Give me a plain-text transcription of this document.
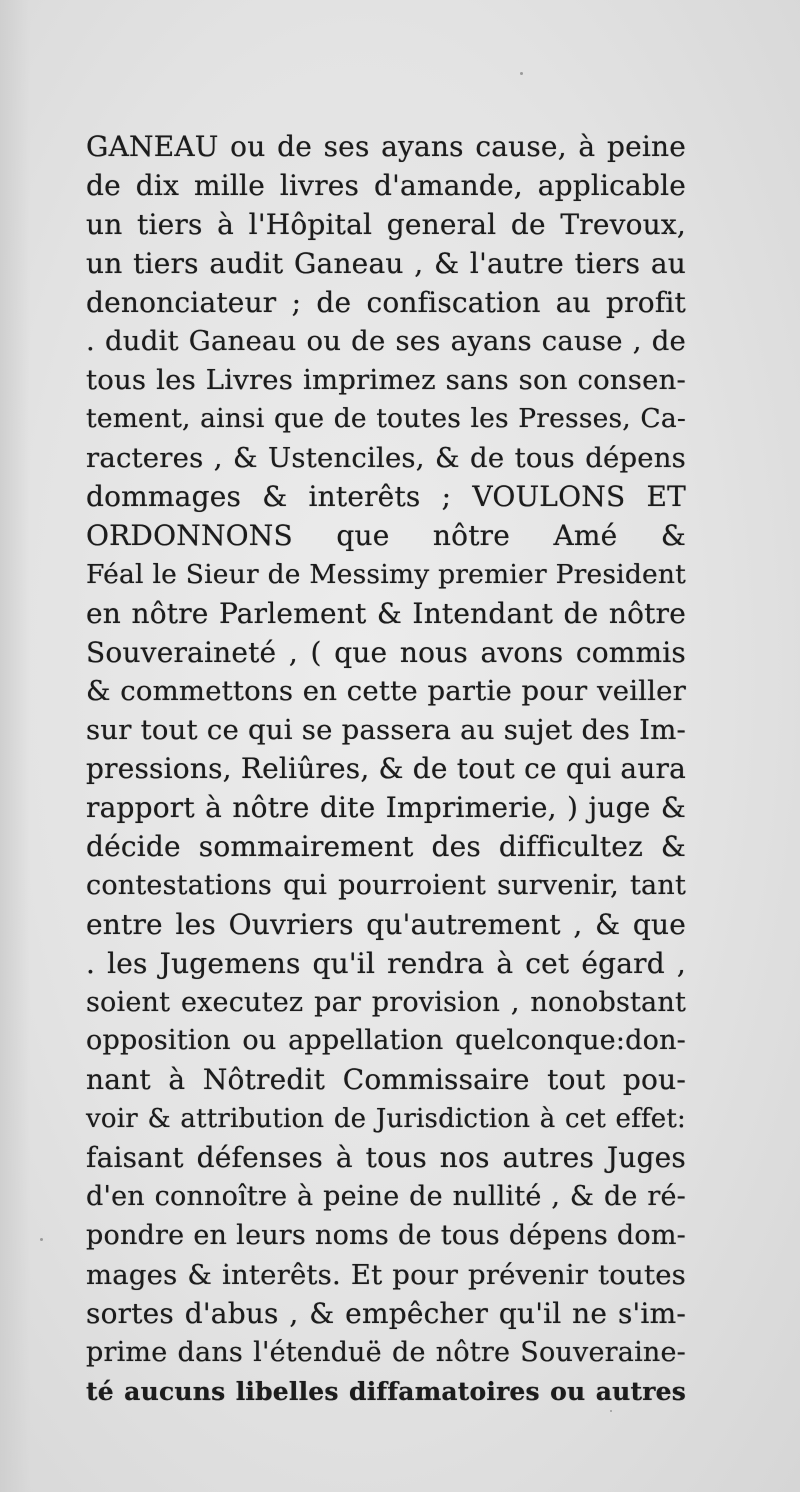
GANEAU ou de ses ayans cause, à peine
de dix mille livres d'amande, applicable
un tiers à l'Hôpital general de Trevoux,
un tiers audit Ganeau , & l'autre tiers au
denonciateur ; de confiscation au profit
. dudit Ganeau ou de ses ayans cause , de
tous les Livres imprimez sans son consen-
tement, ainsi que de toutes les Presses, Ca-
racteres , & Ustenciles, & de tous dépens
dommages & interêts ; VOULONS ET
ORDONNONS que nôtre Amé &
Féal le Sieur de Messimy premier President
en nôtre Parlement & Intendant de nôtre
Souveraineté , ( que nous avons commis
& commettons en cette partie pour veiller
sur tout ce qui se passera au sujet des Im-
pressions, Reliûres, & de tout ce qui aura
rapport à nôtre dite Imprimerie, ) juge &
décide sommairement des difficultez &
contestations qui pourroient survenir, tant
entre les Ouvriers qu'autrement , & que
. les Jugemens qu'il rendra à cet égard ,
soient executez par provision , nonobstant
opposition ou appellation quelconque:don-
nant à Nôtredit Commissaire tout pou-
voir & attribution de Jurisdiction à cet effet:
faisant défenses à tous nos autres Juges
d'en connoître à peine de nullité , & de ré-
pondre en leurs noms de tous dépens dom-
mages & interêts. Et pour prévenir toutes
sortes d'abus , & empêcher qu'il ne s'im-
prime dans l'étenduë de nôtre Souveraine-
té aucuns libelles diffamatoires ou autres
